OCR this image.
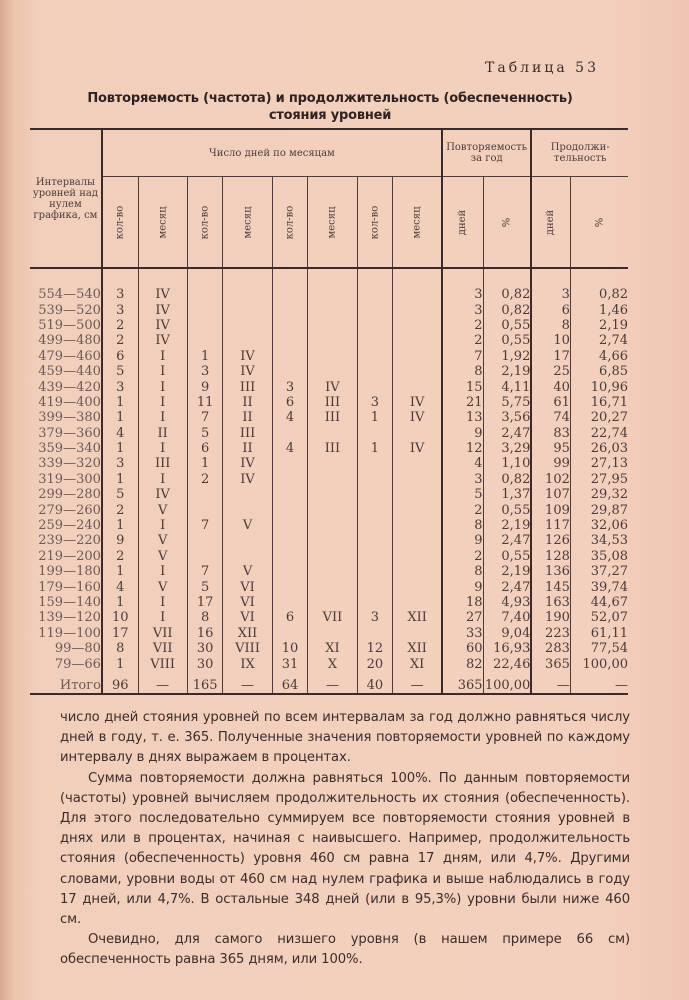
Таблица 53
Повторяемость (частота) и продолжительность (обеспеченность)
стояния уровней
Интервалы уровней над нулем графика, см	Число дней по месяцам								Повторяемость за год		Продолжи-тельность	
	кол-во	месяц	кол-во	месяц	кол-во	месяц	кол-во	месяц	дней	%	дней	%
554—540	3	IV							3	0,82	3	0,82
539—520	3	IV							3	0,82	6	1,46
519—500	2	IV							2	0,55	8	2,19
499—480	2	IV							2	0,55	10	2,74
479—460	6	I	1	IV					7	1,92	17	4,66
459—440	5	I	3	IV					8	2,19	25	6,85
439—420	3	I	9	III	3	IV			15	4,11	40	10,96
419—400	1	I	11	II	6	III	3	IV	21	5,75	61	16,71
399—380	1	I	7	II	4	III	1	IV	13	3,56	74	20,27
379—360	4	II	5	III					9	2,47	83	22,74
359—340	1	I	6	II	4	III	1	IV	12	3,29	95	26,03
339—320	3	III	1	IV					4	1,10	99	27,13
319—300	1	I	2	IV					3	0,82	102	27,95
299—280	5	IV							5	1,37	107	29,32
279—260	2	V							2	0,55	109	29,87
259—240	1	I	7	V					8	2,19	117	32,06
239—220	9	V							9	2,47	126	34,53
219—200	2	V							2	0,55	128	35,08
199—180	1	I	7	V					8	2,19	136	37,27
179—160	4	V	5	VI					9	2,47	145	39,74
159—140	1	I	17	VI					18	4,93	163	44,67
139—120	10	I	8	VI	6	VII	3	XII	27	7,40	190	52,07
119—100	17	VII	16	XII					33	9,04	223	61,11
99—80	8	VII	30	VIII	10	XI	12	XII	60	16,93	283	77,54
79—66	1	VIII	30	IX	31	X	20	XI	82	22,46	365	100,00
Итого	96	—	165	—	64	—	40	—	365	100,00	—	—

число дней стояния уровней по всем интервалам за год должно равняться числу дней в году, т. е. 365. Полученные значения повторяемости уровней по каждому интервалу в днях выражаем в процентах.

Сумма повторяемости должна равняться 100%. По данным повторяемости (частоты) уровней вычисляем продолжительность их стояния (обеспеченность). Для этого последовательно суммируем все повторяемости стояния уровней в днях или в процентах, начиная с наивысшего. Например, продолжительность стояния (обеспеченность) уровня 460 см равна 17 дням, или 4,7%. Другими словами, уровни воды от 460 см над нулем графика и выше наблюдались в году 17 дней, или 4,7%. В остальные 348 дней (или в 95,3%) уровни были ниже 460 см.

Очевидно, для самого низшего уровня (в нашем примере 66 см) обеспеченность равна 365 дням, или 100%.
